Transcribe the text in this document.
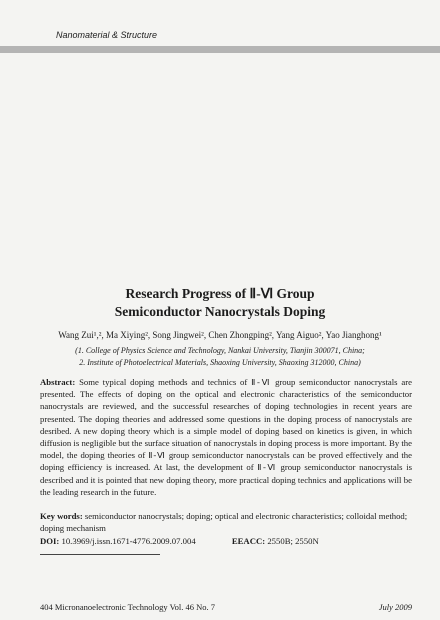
Nanomaterial & Structure
Research Progress of Ⅱ-Ⅵ Group
Semiconductor Nanocrystals Doping
Wang Zui¹,², Ma Xiying², Song Jingwei², Chen Zhongping², Yang Aiguo², Yao Jianghong¹
(1. College of Physics Science and Technology, Nankai University, Tianjin 300071, China;
2. Institute of Photoelectrical Materials, Shaoxing University, Shaoxing 312000, China)
Abstract: Some typical doping methods and technics of Ⅱ-Ⅵ group semiconductor nanocrystals are presented. The effects of doping on the optical and electronic characteristics of the semiconductor nanocrystals are reviewed, and the successful researches of doping technologies in recent years are presented. The doping theories and addressed some questions in the doping process of nanocrystals are desribed. A new doping theory which is a simple model of doping based on kinetics is given, in which diffusion is negligible but the surface situation of nanocrystals in doping process is more important. By the model, the doping theories of Ⅱ-Ⅵ group semiconductor nanocrystals can be proved effectively and the doping efficiency is increased. At last, the development of Ⅱ-Ⅵ group semiconductor nanocrystals is described and it is pointed that new doping theory, more practical doping technics and applications will be the leading research in the future.
Key words: semiconductor nanocrystals; doping; optical and electronic characteristics; colloidal method; doping mechanism
DOI: 10.3969/j.issn.1671-4776.2009.07.004	EEACC: 2550B; 2550N
404 Micronanoelectronic Technology Vol. 46 No. 7	July 2009
